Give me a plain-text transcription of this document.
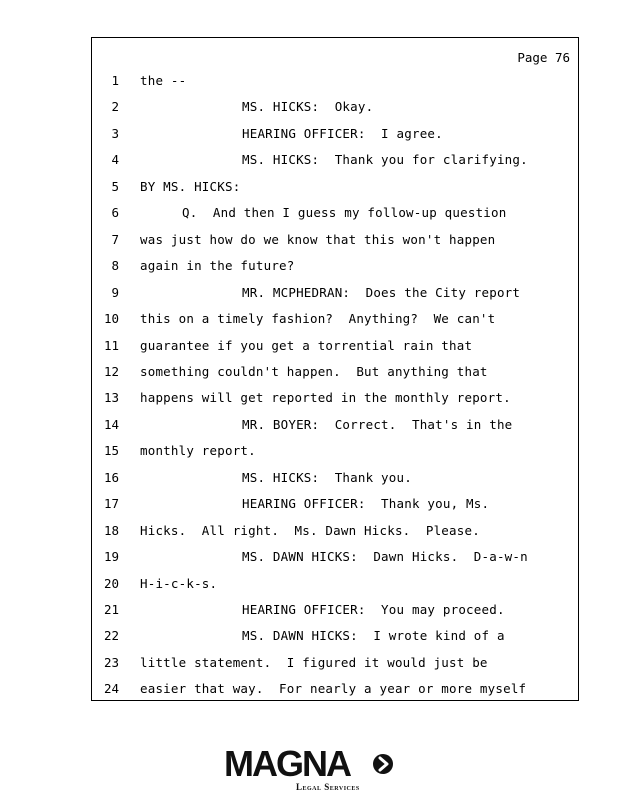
Page 76
1 the --
2	MS. HICKS:  Okay.
3	HEARING OFFICER:  I agree.
4	MS. HICKS:  Thank you for clarifying.
5 BY MS. HICKS:
6	Q.  And then I guess my follow-up question
7 was just how do we know that this won't happen
8 again in the future?
9	MR. MCPHEDRAN:  Does the City report
10 this on a timely fashion?  Anything?  We can't
11 guarantee if you get a torrential rain that
12 something couldn't happen.  But anything that
13 happens will get reported in the monthly report.
14	MR. BOYER:  Correct.  That's in the
15 monthly report.
16	MS. HICKS:  Thank you.
17	HEARING OFFICER:  Thank you, Ms.
18 Hicks.  All right.  Ms. Dawn Hicks.  Please.
19	MS. DAWN HICKS:  Dawn Hicks.  D-a-w-n
20 H-i-c-k-s.
21	HEARING OFFICER:  You may proceed.
22	MS. DAWN HICKS:  I wrote kind of a
23 little statement.  I figured it would just be
24 easier that way.  For nearly a year or more myself
MAGNA
Legal Services
